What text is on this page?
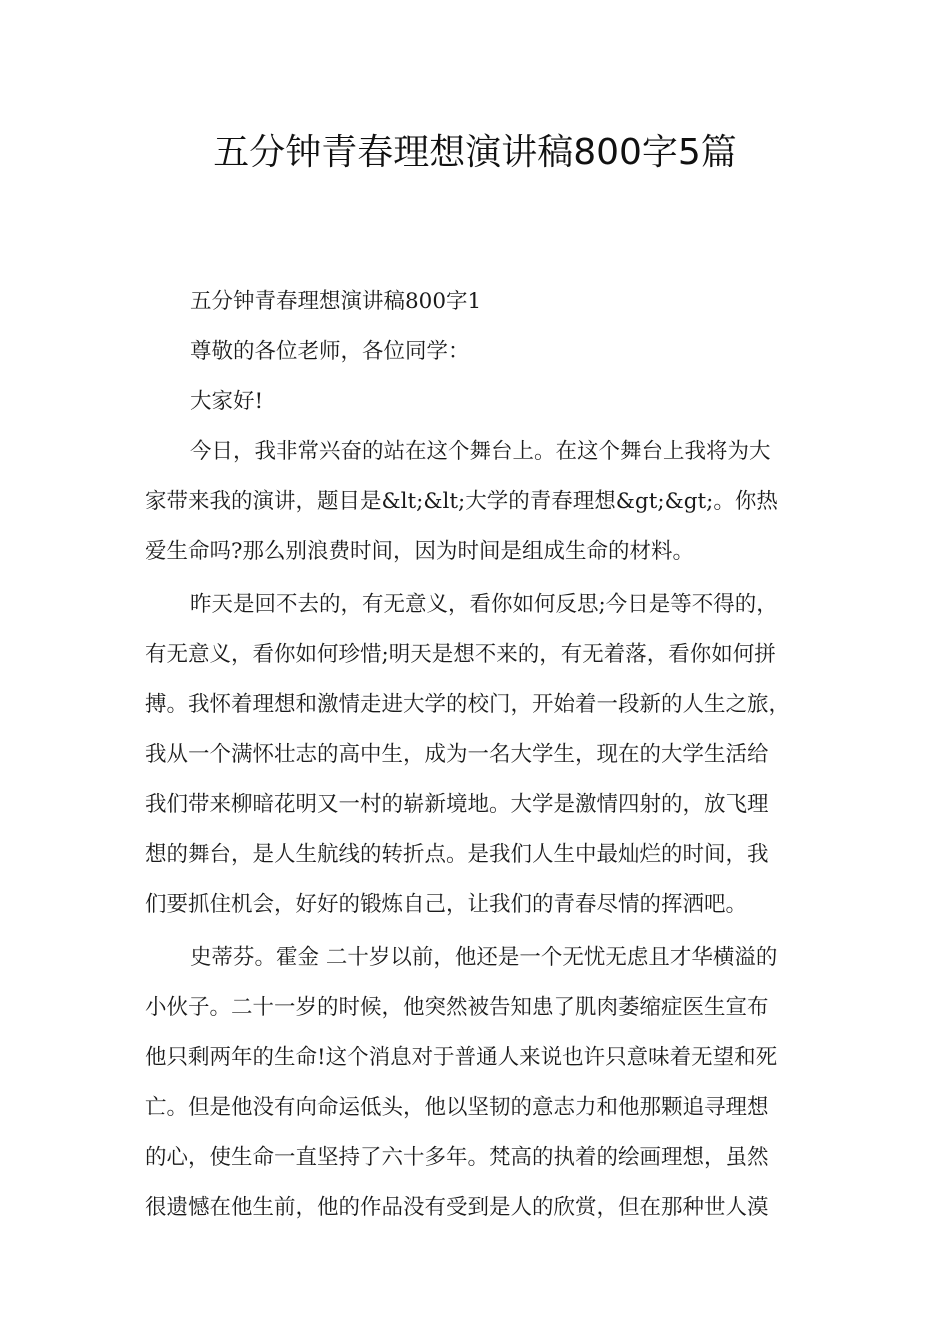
五分钟青春理想演讲稿800字5篇
五分钟青春理想演讲稿800字1
尊敬的各位老师，各位同学：
大家好!
今日，我非常兴奋的站在这个舞台上。在这个舞台上我将为大
家带来我的演讲，题目是&lt;&lt;大学的青春理想&gt;&gt;。你热
爱生命吗?那么别浪费时间，因为时间是组成生命的材料。
昨天是回不去的，有无意义，看你如何反思;今日是等不得的，
有无意义，看你如何珍惜;明天是想不来的，有无着落，看你如何拼
搏。我怀着理想和激情走进大学的校门，开始着一段新的人生之旅，
我从一个满怀壮志的高中生，成为一名大学生，现在的大学生活给
我们带来柳暗花明又一村的崭新境地。大学是激情四射的，放飞理
想的舞台，是人生航线的转折点。是我们人生中最灿烂的时间，我
们要抓住机会，好好的锻炼自己，让我们的青春尽情的挥洒吧。
史蒂芬。霍金 二十岁以前，他还是一个无忧无虑且才华横溢的
小伙子。二十一岁的时候，他突然被告知患了肌肉萎缩症医生宣布
他只剩两年的生命!这个消息对于普通人来说也许只意味着无望和死
亡。但是他没有向命运低头，他以坚韧的意志力和他那颗追寻理想
的心，使生命一直坚持了六十多年。梵高的执着的绘画理想，虽然
很遗憾在他生前，他的作品没有受到是人的欣赏，但在那种世人漠
